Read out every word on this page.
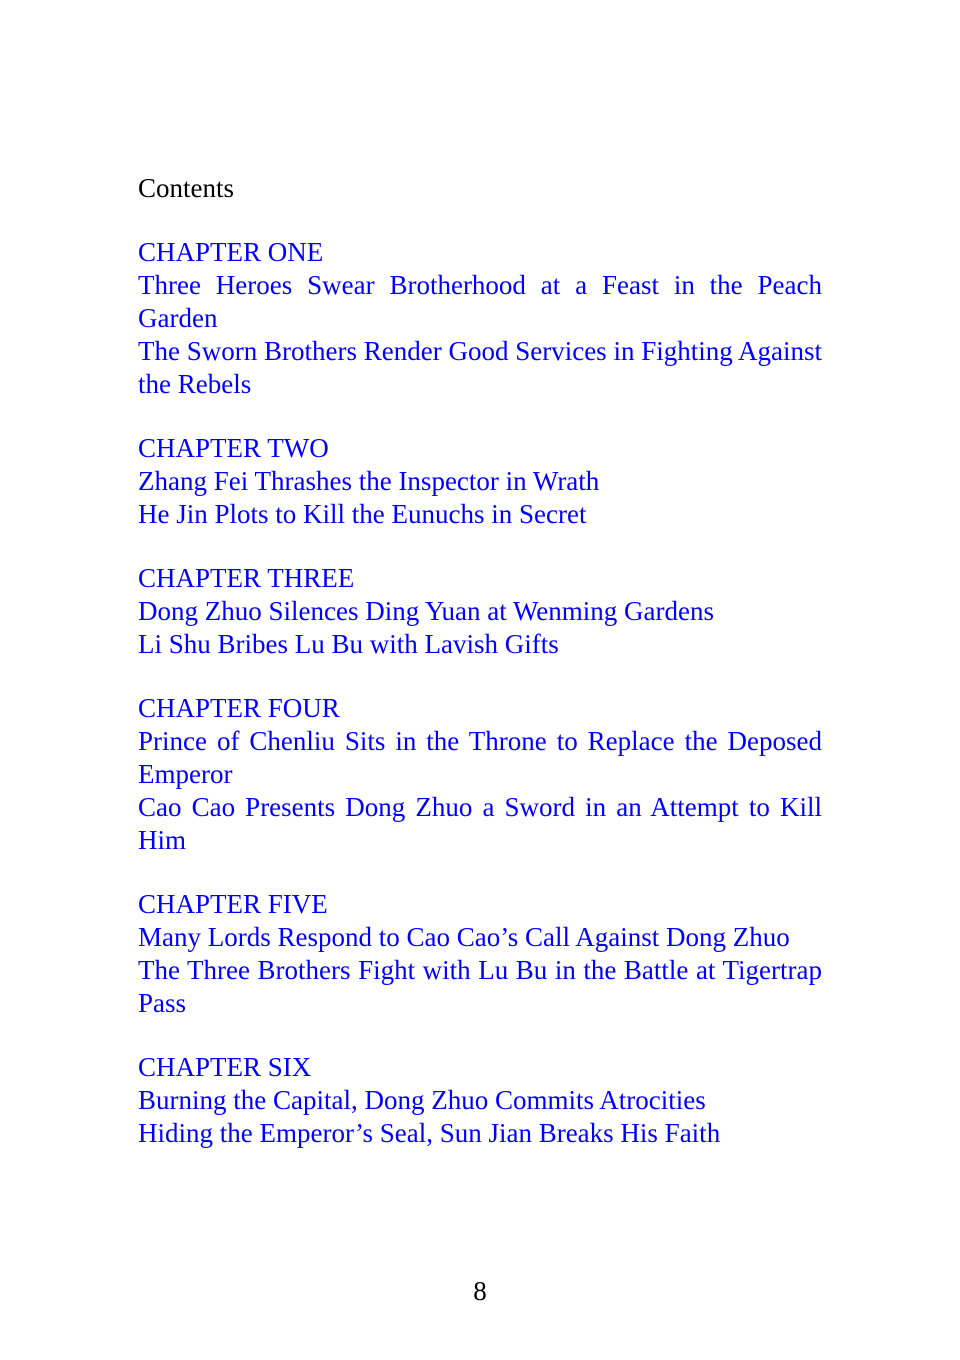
Contents
CHAPTER ONE
Three Heroes Swear Brotherhood at a Feast in the Peach Garden
The Sworn Brothers Render Good Services in Fighting Against the Rebels
CHAPTER TWO
Zhang Fei Thrashes the Inspector in Wrath
He Jin Plots to Kill the Eunuchs in Secret
CHAPTER THREE
Dong Zhuo Silences Ding Yuan at Wenming Gardens
Li Shu Bribes Lu Bu with Lavish Gifts
CHAPTER FOUR
Prince of Chenliu Sits in the Throne to Replace the Deposed Emperor
Cao Cao Presents Dong Zhuo a Sword in an Attempt to Kill Him
CHAPTER FIVE
Many Lords Respond to Cao Cao’s Call Against Dong Zhuo
The Three Brothers Fight with Lu Bu in the Battle at Tigertrap Pass
CHAPTER SIX
Burning the Capital, Dong Zhuo Commits Atrocities
Hiding the Emperor’s Seal, Sun Jian Breaks His Faith
8
